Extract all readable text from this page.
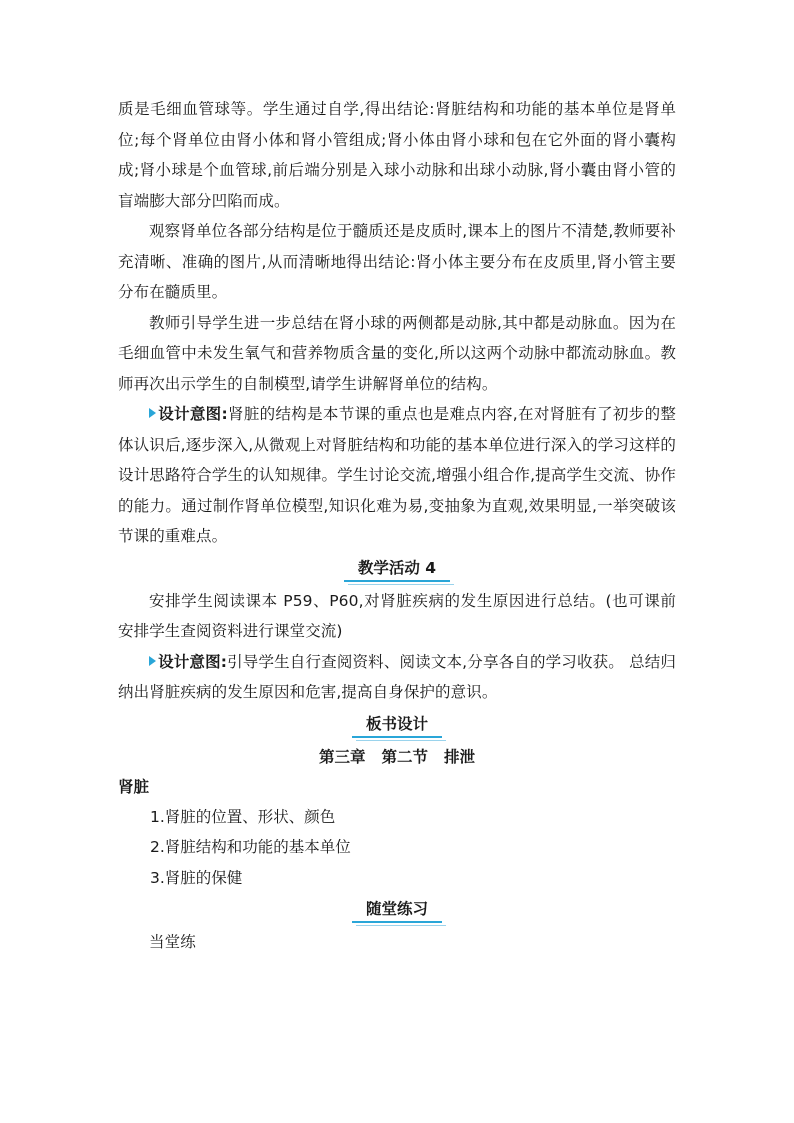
质是毛细血管球等。学生通过自学,得出结论:肾脏结构和功能的基本单位是肾单位;每个肾单位由肾小体和肾小管组成;肾小体由肾小球和包在它外面的肾小囊构成;肾小球是个血管球,前后端分别是入球小动脉和出球小动脉,肾小囊由肾小管的盲端膨大部分凹陷而成。

观察肾单位各部分结构是位于髓质还是皮质时,课本上的图片不清楚,教师要补充清晰、准确的图片,从而清晰地得出结论:肾小体主要分布在皮质里,肾小管主要分布在髓质里。

教师引导学生进一步总结在肾小球的两侧都是动脉,其中都是动脉血。因为在毛细血管中未发生氧气和营养物质含量的变化,所以这两个动脉中都流动脉血。教师再次出示学生的自制模型,请学生讲解肾单位的结构。

设计意图:肾脏的结构是本节课的重点也是难点内容,在对肾脏有了初步的整体认识后,逐步深入,从微观上对肾脏结构和功能的基本单位进行深入的学习这样的设计思路符合学生的认知规律。学生讨论交流,增强小组合作,提高学生交流、协作的能力。通过制作肾单位模型,知识化难为易,变抽象为直观,效果明显,一举突破该节课的重难点。

教学活动 4

安排学生阅读课本 P59、P60,对肾脏疾病的发生原因进行总结。(也可课前安排学生查阅资料进行课堂交流)

设计意图:引导学生自行查阅资料、阅读文本,分享各自的学习收获。 总结归纳出肾脏疾病的发生原因和危害,提高自身保护的意识。

板书设计
第三章 第二节 排泄
肾脏
1.肾脏的位置、形状、颜色
2.肾脏结构和功能的基本单位
3.肾脏的保健
随堂练习

当堂练
